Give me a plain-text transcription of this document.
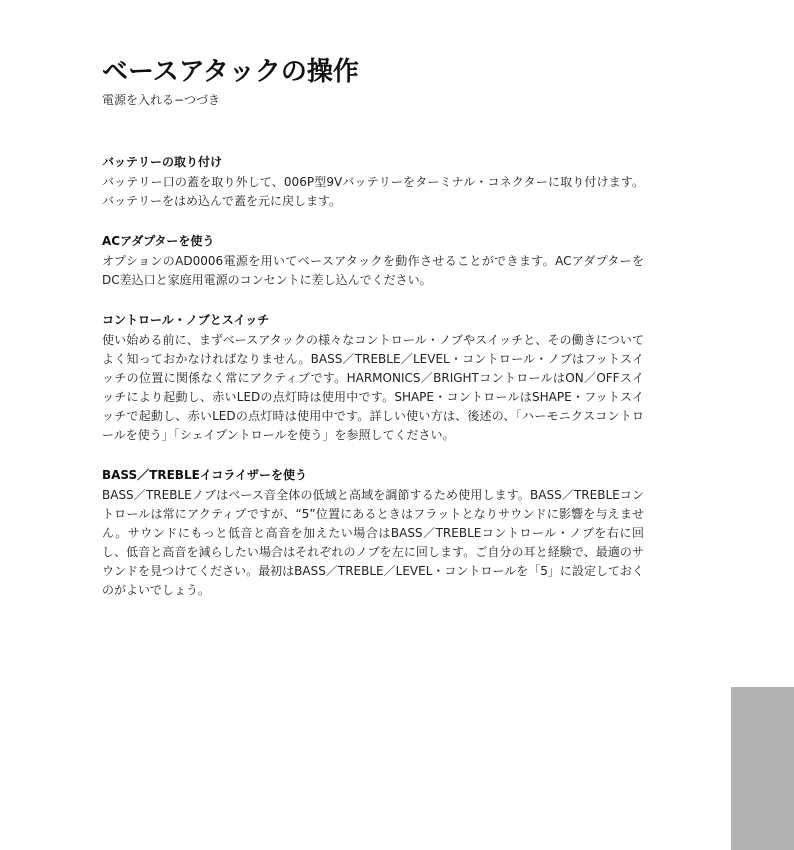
ベースアタックの操作

電源を入れる−つづき

バッテリーの取り付け

バッテリー口の蓋を取り外して、006P型9Vバッテリーをターミナル・コネクターに取り付けます。バッテリーをはめ込んで蓋を元に戻します。

ACアダプターを使う

オプションのAD0006電源を用いてベースアタックを動作させることができます。ACアダプターをDC差込口と家庭用電源のコンセントに差し込んでください。

コントロール・ノブとスイッチ

使い始める前に、まずベースアタックの様々なコントロール・ノブやスイッチと、その働きについてよく知っておかなければなりません。BASS／TREBLE／LEVEL・コントロール・ノブはフットスイッチの位置に関係なく常にアクティブです。HARMONICS／BRIGHTコントロールはON／OFFスイッチにより起動し、赤いLEDの点灯時は使用中です。SHAPE・コントロールはSHAPE・フットスイッチで起動し、赤いLEDの点灯時は使用中です。詳しい使い方は、後述の、「ハーモニクスコントロールを使う」「シェイプントロールを使う」を参照してください。

BASS／TREBLEイコライザーを使う

BASS／TREBLEノブはベース音全体の低域と高域を調節するため使用します。BASS／TREBLEコントロールは常にアクティブですが、“5”位置にあるときはフラットとなりサウンドに影響を与えません。サウンドにもっと低音と高音を加えたい場合はBASS／TREBLEコントロール・ノブを右に回し、低音と高音を減らしたい場合はそれぞれのノブを左に回します。ご自分の耳と経験で、最適のサウンドを見つけてください。最初はBASS／TREBLE／LEVEL・コントロールを「5」に設定しておくのがよいでしょう。
